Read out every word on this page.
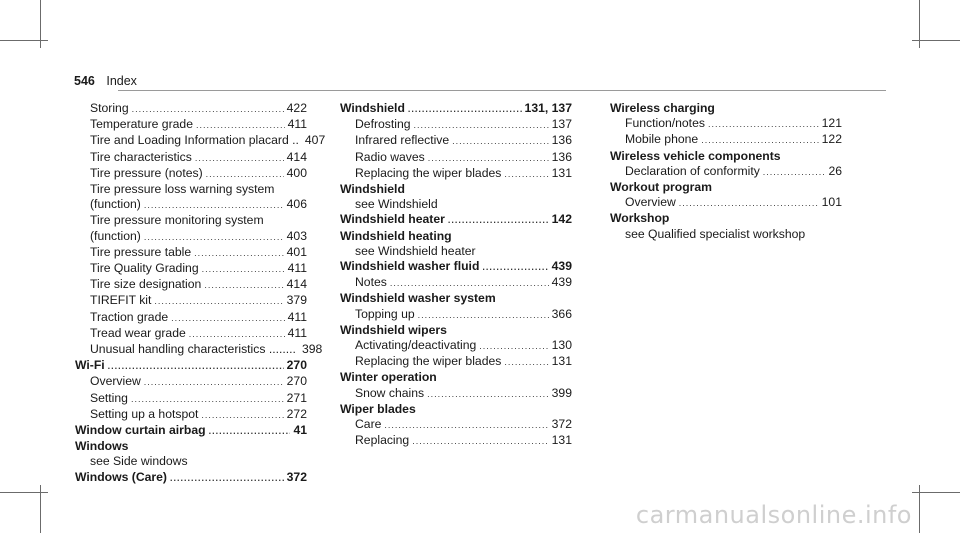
546 Index
Storing .....	422
Temperature grade .....	411
Tire and Loading Information placard .. 407
Tire characteristics .....	414
Tire pressure (notes) .....	400
Tire pressure loss warning system
(function) .....	406
Tire pressure monitoring system
(function) .....	403
Tire pressure table .....	401
Tire Quality Grading .....	411
Tire size designation .....	414
TIREFIT kit .....	379
Traction grade .....	411
Tread wear grade .....	411
Unusual handling characteristics ........ 398
Wi-Fi .....	270
Overview .....	270
Setting .....	271
Setting up a hotspot .....	272
Window curtain airbag .....	41
Windows
see Side windows
Windows (Care) .....	372
Windshield .....	131, 137
Defrosting .....	137
Infrared reflective .....	136
Radio waves .....	136
Replacing the wiper blades .....	131
Windshield
see Windshield
Windshield heater .....	142
Windshield heating
see Windshield heater
Windshield washer fluid .....	439
Notes .....	439
Windshield washer system
Topping up .....	366
Windshield wipers
Activating/deactivating .....	130
Replacing the wiper blades .....	131
Winter operation
Snow chains .....	399
Wiper blades
Care .....	372
Replacing .....	131
Wireless charging
Function/notes .....	121
Mobile phone .....	122
Wireless vehicle components
Declaration of conformity .....	26
Workout program
Overview .....	101
Workshop
see Qualified specialist workshop
carmanualsonline.info
